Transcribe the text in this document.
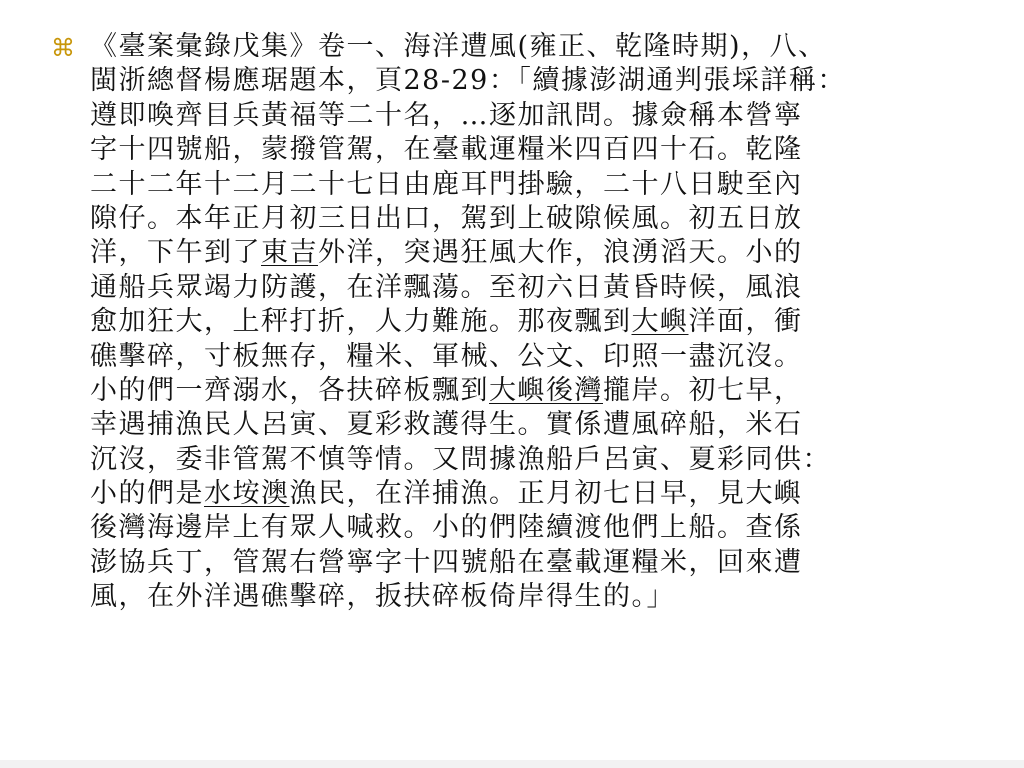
⌘ 《臺案彙錄戊集》卷一、海洋遭風(雍正、乾隆時期)，八、
閩浙總督楊應琚題本，頁28-29：「續據澎湖通判張埰詳稱：
遵即喚齊目兵黃福等二十名，…逐加訊問。據僉稱本營寧
字十四號船，蒙撥管駕，在臺載運糧米四百四十石。乾隆
二十二年十二月二十七日由鹿耳門掛驗，二十八日駛至內
隙仔。本年正月初三日出口，駕到上破隙候風。初五日放
洋，下午到了東吉外洋，突遇狂風大作，浪湧滔天。小的
通船兵眾竭力防護，在洋飄蕩。至初六日黃昏時候，風浪
愈加狂大，上秤打折，人力難施。那夜飄到大嶼洋面，衝
礁擊碎，寸板無存，糧米、軍械、公文、印照一盡沉沒。
小的們一齊溺水，各扶碎板飄到大嶼後灣攏岸。初七早，
幸遇捕漁民人呂寅、夏彩救護得生。實係遭風碎船，米石
沉沒，委非管駕不慎等情。又問據漁船戶呂寅、夏彩同供：
小的們是水垵澳漁民，在洋捕漁。正月初七日早，見大嶼
後灣海邊岸上有眾人喊救。小的們陸續渡他們上船。查係
澎協兵丁，管駕右營寧字十四號船在臺載運糧米，回來遭
風，在外洋遇礁擊碎，扳扶碎板倚岸得生的。」
